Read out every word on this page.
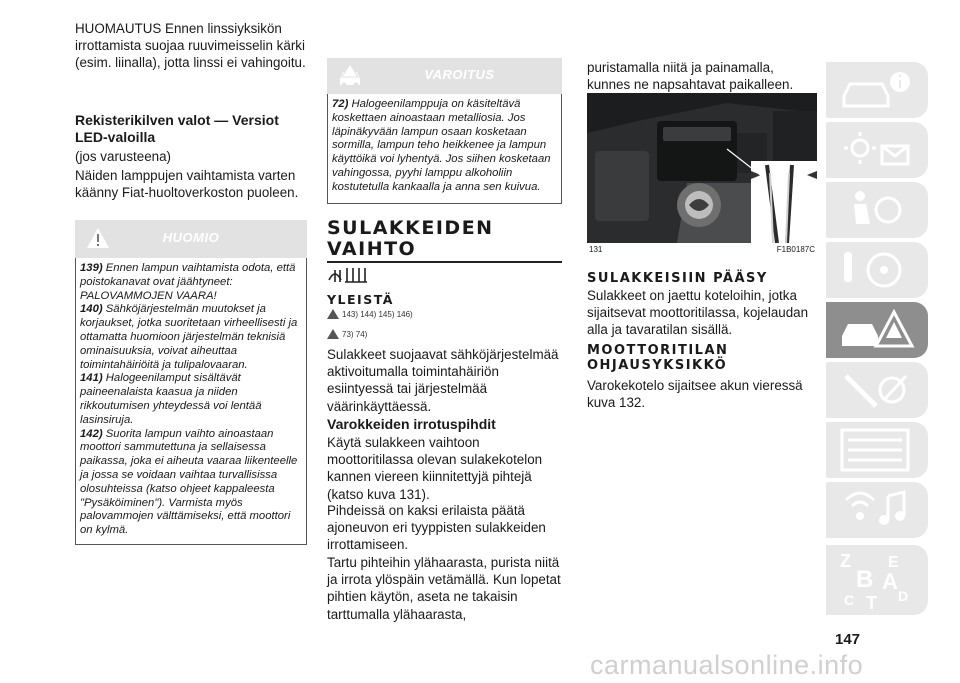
HUOMAUTUS Ennen linssiyksikön irrottamista suojaa ruuvimeisselin kärki (esim. liinalla), jotta linssi ei vahingoitu.

Rekisterikilven valot — Versiot LED-valoilla

(jos varusteena)

Näiden lamppujen vaihtamista varten käänny Fiat-huoltoverkoston puoleen.

HUOMIO

139) Ennen lampun vaihtamista odota, että poistokanavat ovat jäähtyneet: PALOVAMMOJEN VAARA!

140) Sähköjärjestelmän muutokset ja korjaukset, jotka suoritetaan virheellisesti ja ottamatta huomioon järjestelmän teknisiä ominaisuuksia, voivat aiheuttaa toimintahäiriöitä ja tulipalovaaran.

141) Halogeenilamput sisältävät paineenalaista kaasua ja niiden rikkoutumisen yhteydessä voi lentää lasinsiruja.

142) Suorita lampun vaihto ainoastaan moottori sammutettuna ja sellaisessa paikassa, joka ei aiheuta vaaraa liikenteelle ja jossa se voidaan vaihtaa turvallisissa olosuhteissa (katso ohjeet kappaleesta "Pysäköiminen"). Varmista myös palovammojen välttämiseksi, että moottori on kylmä.

VAROITUS

72) Halogeenilamppuja on käsiteltävä koskettaen ainoastaan metalliosia. Jos läpinäkyvään lampun osaan kosketaan sormilla, lampun teho heikkenee ja lampun käyttöikä voi lyhentyä. Jos siihen kosketaan vahingossa, pyyhi lamppu alkoholiin kostutetulla kankaalla ja anna sen kuivua.

SULAKKEIDEN

VAIHTO

YLEISTÄ

143) 144) 145) 146)
73) 74)

Sulakkeet suojaavat sähköjärjestelmää aktivoitumalla toimintahäiriön esiintyessä tai järjestelmää väärinkäyttäessä.

Varokkeiden irrotuspihdit

Käytä sulakkeen vaihtoon moottoritilassa olevan sulakekotelon kannen viereen kiinnitettyjä pihtejä (katso kuva 131).

Pihdeissä on kaksi erilaista päätä ajoneuvon eri tyyppisten sulakkeiden irrottamiseen.

Tartu pihteihin ylähaarasta, purista niitä ja irrota ylöspäin vetämällä. Kun lopetat pihtien käytön, aseta ne takaisin tarttumalla ylähaarasta,

puristamalla niitä ja painamalla, kunnes ne napsahtavat paikalleen.

131	F1B0187C

SULAKKEISIIN PÄÄSY

Sulakkeet on jaettu koteloihin, jotka sijaitsevat moottoritilassa, kojelaudan alla ja tavaratilan sisällä.

MOOTTORITILAN

OHJAUSYKSIKKÖ

Varokekotelo sijaitsee akun vieressä kuva 132.

Z E
B A
C T D
147
carmanualsonline.info
